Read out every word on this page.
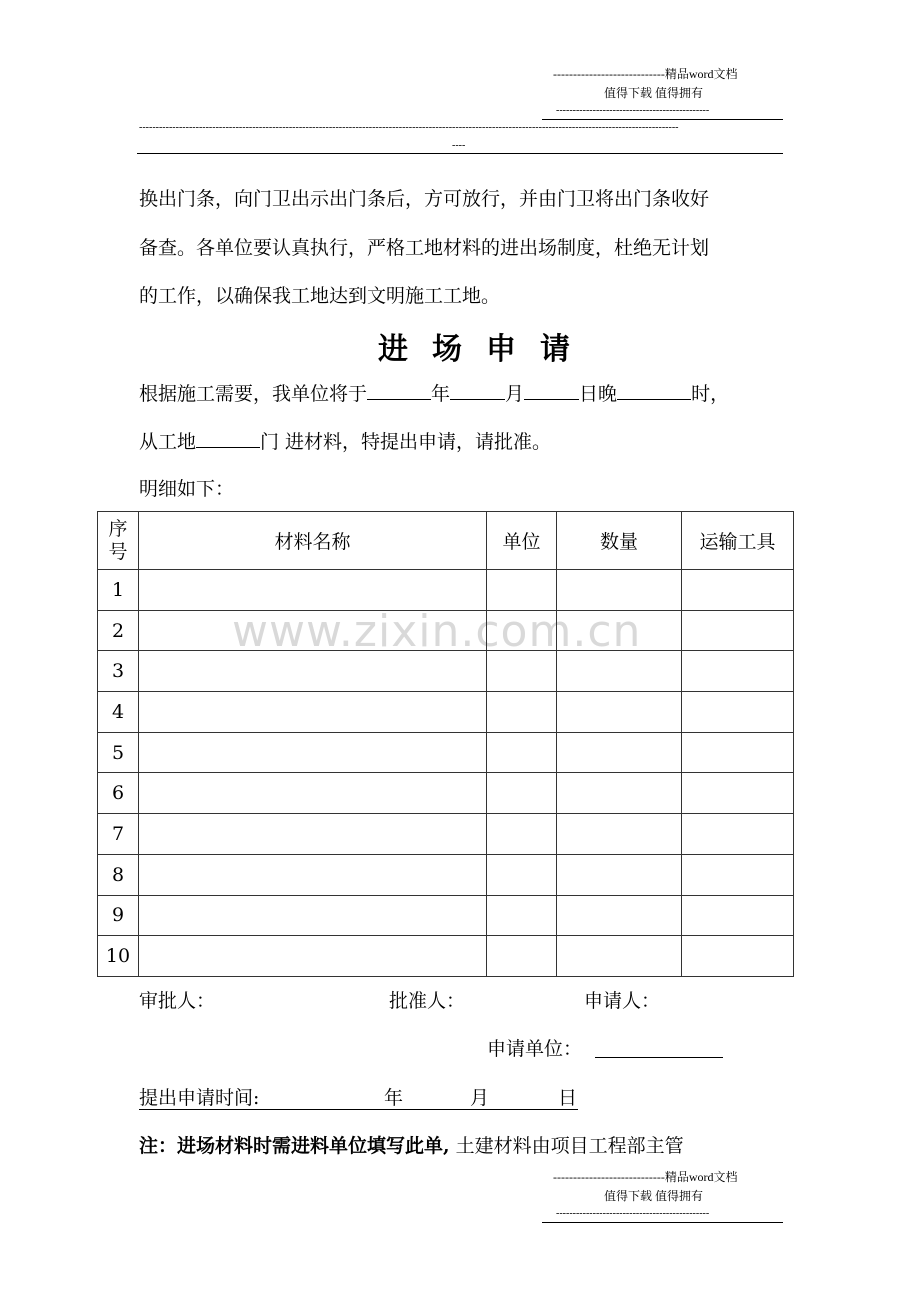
----------------------------精品word文档
值得下载 值得拥有
----------------------------------------------
------------------------------------------------------------------------------------------------------------------------------------------------------------------
----
换出门条，向门卫出示出门条后，方可放行，并由门卫将出门条收好
备查。各单位要认真执行，严格工地材料的进出场制度，杜绝无计划
的工作，以确保我工地达到文明施工工地。
进场申请
根据施工需要，我单位将于	年	月	日晚	时，
从工地	门 进材料，特提出申请，请批准。
明细如下：
www.zixin.com.cn
序号	材料名称	单位	数量	运输工具
1				
2				
3				
4				
5				
6				
7				
8				
9				
10				
审批人：	批准人：	申请人：
申请单位：
提出申请时间:	年	月	日
注：进场材料时需进料单位填写此单, 土建材料由项目工程部主管
----------------------------精品word文档
值得下载 值得拥有
----------------------------------------------
